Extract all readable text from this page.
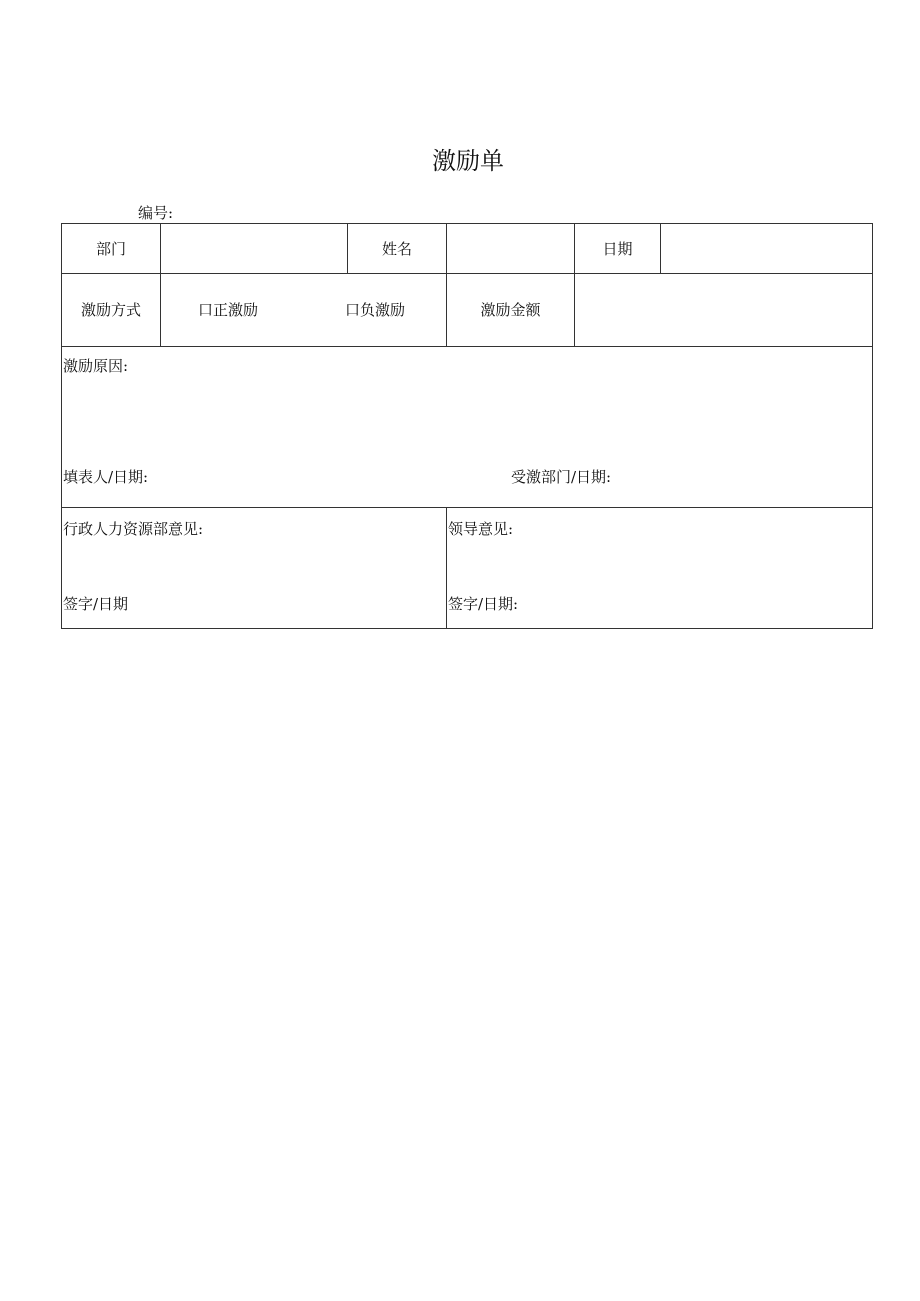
激励单
编号:
部门	姓名	日期
激励方式	口正激励	口负激励	激励金额
激励原因:
填表人/日期:	受激部门/日期:
行政人力资源部意见:
签字/日期
领导意见:
签字/日期:
